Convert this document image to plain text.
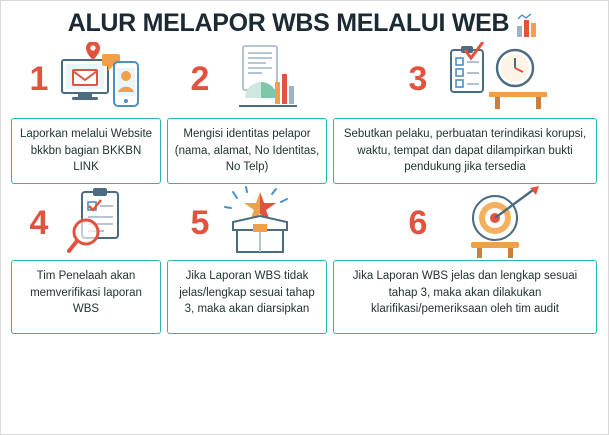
ALUR MELAPOR WBS MELALUI WEB
1
Laporkan melalui Website bkkbn bagian BKKBN LINK
2
Mengisi identitas pelapor (nama, alamat, No Identitas, No Telp)
3
Sebutkan pelaku, perbuatan terindikasi korupsi, waktu, tempat dan dapat dilampirkan bukti pendukung jika tersedia
4
Tim Penelaah akan memverifikasi laporan WBS
5
Jika Laporan WBS tidak jelas/lengkap sesuai tahap 3, maka akan diarsipkan
6
Jika Laporan WBS jelas dan lengkap sesuai tahap 3, maka akan dilakukan klarifikasi/pemeriksaan oleh tim audit
